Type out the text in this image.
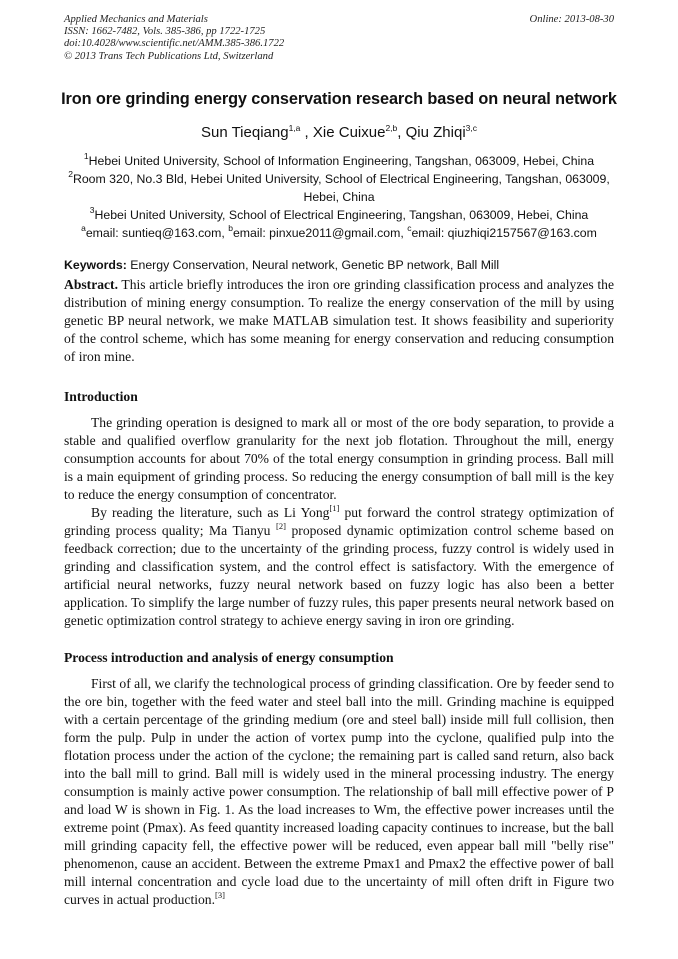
Applied Mechanics and Materials
ISSN: 1662-7482, Vols. 385-386, pp 1722-1725
doi:10.4028/www.scientific.net/AMM.385-386.1722
© 2013 Trans Tech Publications Ltd, Switzerland
Online: 2013-08-30
Iron ore grinding energy conservation research based on neural network
Sun Tieqiang$^{1,a}$ , Xie Cuixue$^{2,b}$, Qiu Zhiqi$^{3,c}$
$^1$Hebei United University, School of Information Engineering, Tangshan, 063009, Hebei, China
$^2$Room 320, No.3 Bld, Hebei United University, School of Electrical Engineering, Tangshan, 063009, Hebei, China
$^3$Hebei United University, School of Electrical Engineering, Tangshan, 063009, Hebei, China
$^a$email: suntieq@163.com, $^b$email: pinxue2011@gmail.com, $^c$email: qiuzhiqi2157567@163.com
Keywords: Energy Conservation, Neural network, Genetic BP network, Ball Mill
Abstract. This article briefly introduces the iron ore grinding classification process and analyzes the distribution of mining energy consumption. To realize the energy conservation of the mill by using genetic BP neural network, we make MATLAB simulation test. It shows feasibility and superiority of the control scheme, which has some meaning for energy conservation and reducing consumption of iron mine.
Introduction

The grinding operation is designed to mark all or most of the ore body separation, to provide a stable and qualified overflow granularity for the next job flotation. Throughout the mill, energy consumption accounts for about 70% of the total energy consumption in grinding process. Ball mill is a main equipment of grinding process. So reducing the energy consumption of ball mill is the key to reduce the energy consumption of concentrator.

By reading the literature, such as Li Yong[1] put forward the control strategy optimization of grinding process quality; Ma Tianyu [2] proposed dynamic optimization control scheme based on feedback correction; due to the uncertainty of the grinding process, fuzzy control is widely used in grinding and classification system, and the control effect is satisfactory. With the emergence of artificial neural networks, fuzzy neural network based on fuzzy logic has also been a better application. To simplify the large number of fuzzy rules, this paper presents neural network based on genetic optimization control strategy to achieve energy saving in iron ore grinding.

Process introduction and analysis of energy consumption

First of all, we clarify the technological process of grinding classification. Ore by feeder send to the ore bin, together with the feed water and steel ball into the mill. Grinding machine is equipped with a certain percentage of the grinding medium (ore and steel ball) inside mill full collision, then form the pulp. Pulp in under the action of vortex pump into the cyclone, qualified pulp into the flotation process under the action of the cyclone; the remaining part is called sand return, also back into the ball mill to grind. Ball mill is widely used in the mineral processing industry. The energy consumption is mainly active power consumption. The relationship of ball mill effective power of P and load W is shown in Fig. 1. As the load increases to Wm, the effective power increases until the extreme point (Pmax). As feed quantity increased loading capacity continues to increase, but the ball mill grinding capacity fell, the effective power will be reduced, even appear ball mill "belly rise" phenomenon, cause an accident. Between the extreme Pmax1 and Pmax2 the effective power of ball mill internal concentration and cycle load due to the uncertainty of mill often drift in Figure two curves in actual production.[3]
